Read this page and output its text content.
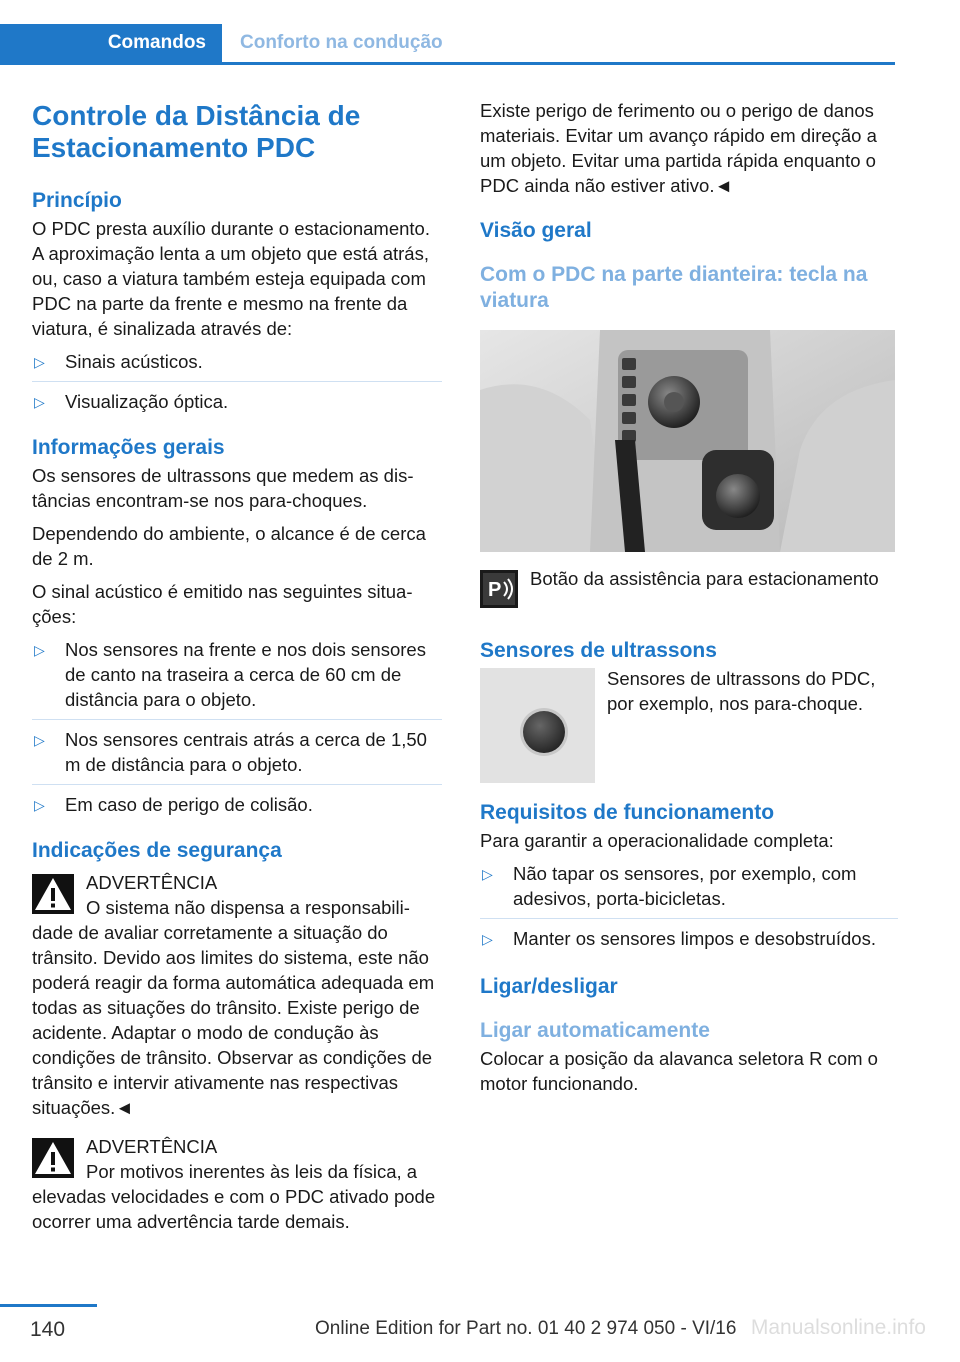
Comandos	Conforto na condução
Controle da Distância de Estacionamento PDC
Princípio

O PDC presta auxílio durante o estacionamento. A aproximação lenta a um objeto que está atrás, ou, caso a viatura também esteja equipada com PDC na parte da frente e mesmo na frente da viatura, é sinalizada através de:

▷ Sinais acústicos.
▷ Visualização óptica.
Informações gerais

Os sensores de ultrassons que medem as distâncias encontram-se nos para-choques.

Dependendo do ambiente, o alcance é de cerca de 2 m.

O sinal acústico é emitido nas seguintes situações:

▷ Nos sensores na frente e nos dois sensores de canto na traseira a cerca de 60 cm de distância para o objeto.
▷ Nos sensores centrais atrás a cerca de 1,50 m de distância para o objeto.
▷ Em caso de perigo de colisão.
Indicações de segurança
ADVERTÊNCIA
O sistema não dispensa a responsabilidade de avaliar corretamente a situação do trânsito. Devido aos limites do sistema, este não poderá reagir da forma automática adequada em todas as situações do trânsito. Existe perigo de acidente. Adaptar o modo de condução às condições de trânsito. Observar as condições de trânsito e intervir ativamente nas respectivas situações.◄
ADVERTÊNCIA
Por motivos inerentes às leis da física, a elevadas velocidades e com o PDC ativado pode ocorrer uma advertência tarde demais.

Existe perigo de ferimento ou o perigo de danos materiais. Evitar um avanço rápido em direção a um objeto. Evitar uma partida rápida enquanto o PDC ainda não estiver ativo.◄

Visão geral
Com o PDC na parte dianteira: tecla na viatura
P
Botão da assistência para estacionamento
Sensores de ultrassons

Sensores de ultrassons do PDC, por exemplo, nos para-choque.

Requisitos de funcionamento

Para garantir a operacionalidade completa:

▷ Não tapar os sensores, por exemplo, com adesivos, porta-bicicletas.
▷ Manter os sensores limpos e desobstruídos.
Ligar/desligar
Ligar automaticamente

Colocar a posição da alavanca seletora R com o motor funcionando.

140	Online Edition for Part no. 01 40 2 974 050 - VI/16 Manualsonline.info
